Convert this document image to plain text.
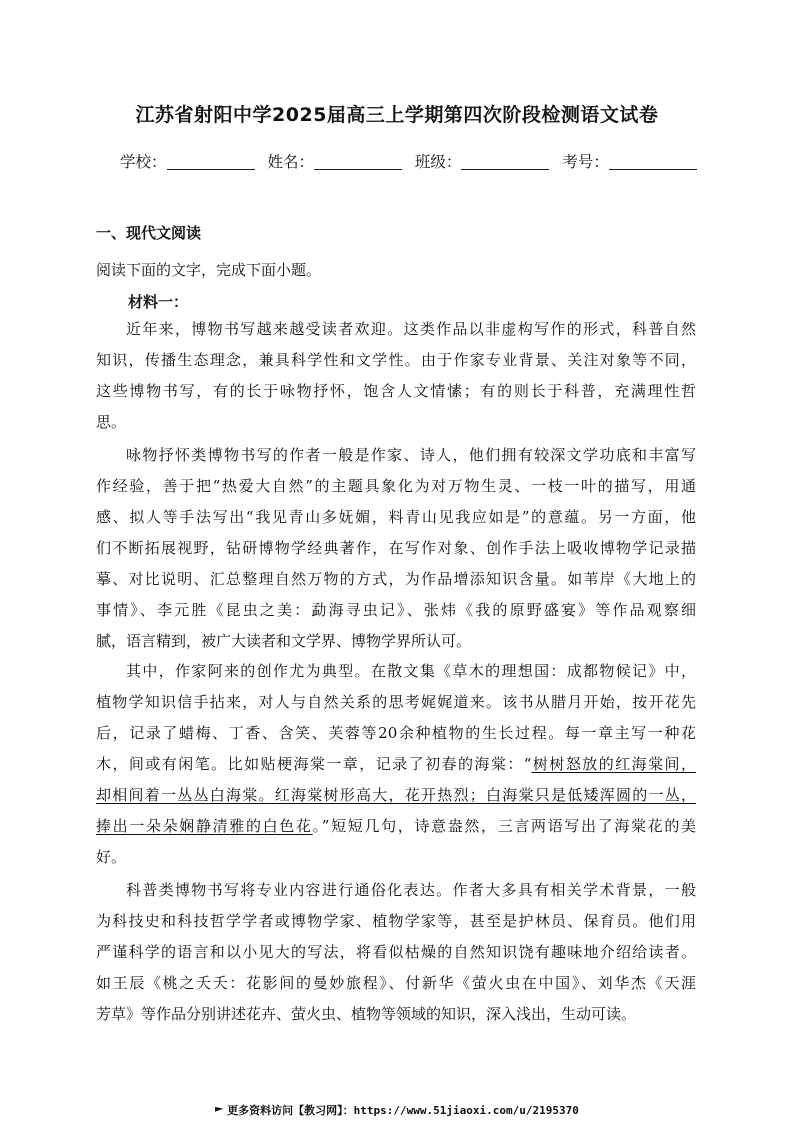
江苏省射阳中学2025届高三上学期第四次阶段检测语文试卷
学校：	姓名：	班级：	考号：
一、现代文阅读
阅读下面的文字，完成下面小题。
材料一：
近年来，博物书写越来越受读者欢迎。这类作品以非虚构写作的形式，科普自然
知识，传播生态理念，兼具科学性和文学性。由于作家专业背景、关注对象等不同，
这些博物书写，有的长于咏物抒怀，饱含人文情愫；有的则长于科普，充满理性哲
思。
咏物抒怀类博物书写的作者一般是作家、诗人，他们拥有较深文学功底和丰富写
作经验，善于把“热爱大自然”的主题具象化为对万物生灵、一枝一叶的描写，用通
感、拟人等手法写出“我见青山多妩媚，料青山见我应如是”的意蕴。另一方面，他
们不断拓展视野，钻研博物学经典著作，在写作对象、创作手法上吸收博物学记录描
摹、对比说明、汇总整理自然万物的方式，为作品增添知识含量。如苇岸《大地上的
事情》、李元胜《昆虫之美：勐海寻虫记》、张炜《我的原野盛宴》等作品观察细
腻，语言精到，被广大读者和文学界、博物学界所认可。
其中，作家阿来的创作尤为典型。在散文集《草木的理想国：成都物候记》中，
植物学知识信手拈来，对人与自然关系的思考娓娓道来。该书从腊月开始，按开花先
后，记录了蜡梅、丁香、含笑、芙蓉等20余种植物的生长过程。每一章主写一种花
木，间或有闲笔。比如贴梗海棠一章，记录了初春的海棠：“树树怒放的红海棠间，
却相间着一丛丛白海棠。红海棠树形高大，花开热烈；白海棠只是低矮浑圆的一丛，
捧出一朵朵娴静清雅的白色花。”短短几句，诗意盎然，三言两语写出了海棠花的美
好。
科普类博物书写将专业内容进行通俗化表达。作者大多具有相关学术背景，一般
为科技史和科技哲学学者或博物学家、植物学家等，甚至是护林员、保育员。他们用
严谨科学的语言和以小见大的写法，将看似枯燥的自然知识饶有趣味地介绍给读者。
如王辰《桃之夭夭：花影间的曼妙旅程》、付新华《萤火虫在中国》、刘华杰《天涯
芳草》等作品分别讲述花卉、萤火虫、植物等领域的知识，深入浅出，生动可读。
更多资料访问【教习网】：https://www.51jiaoxi.com/u/2195370
